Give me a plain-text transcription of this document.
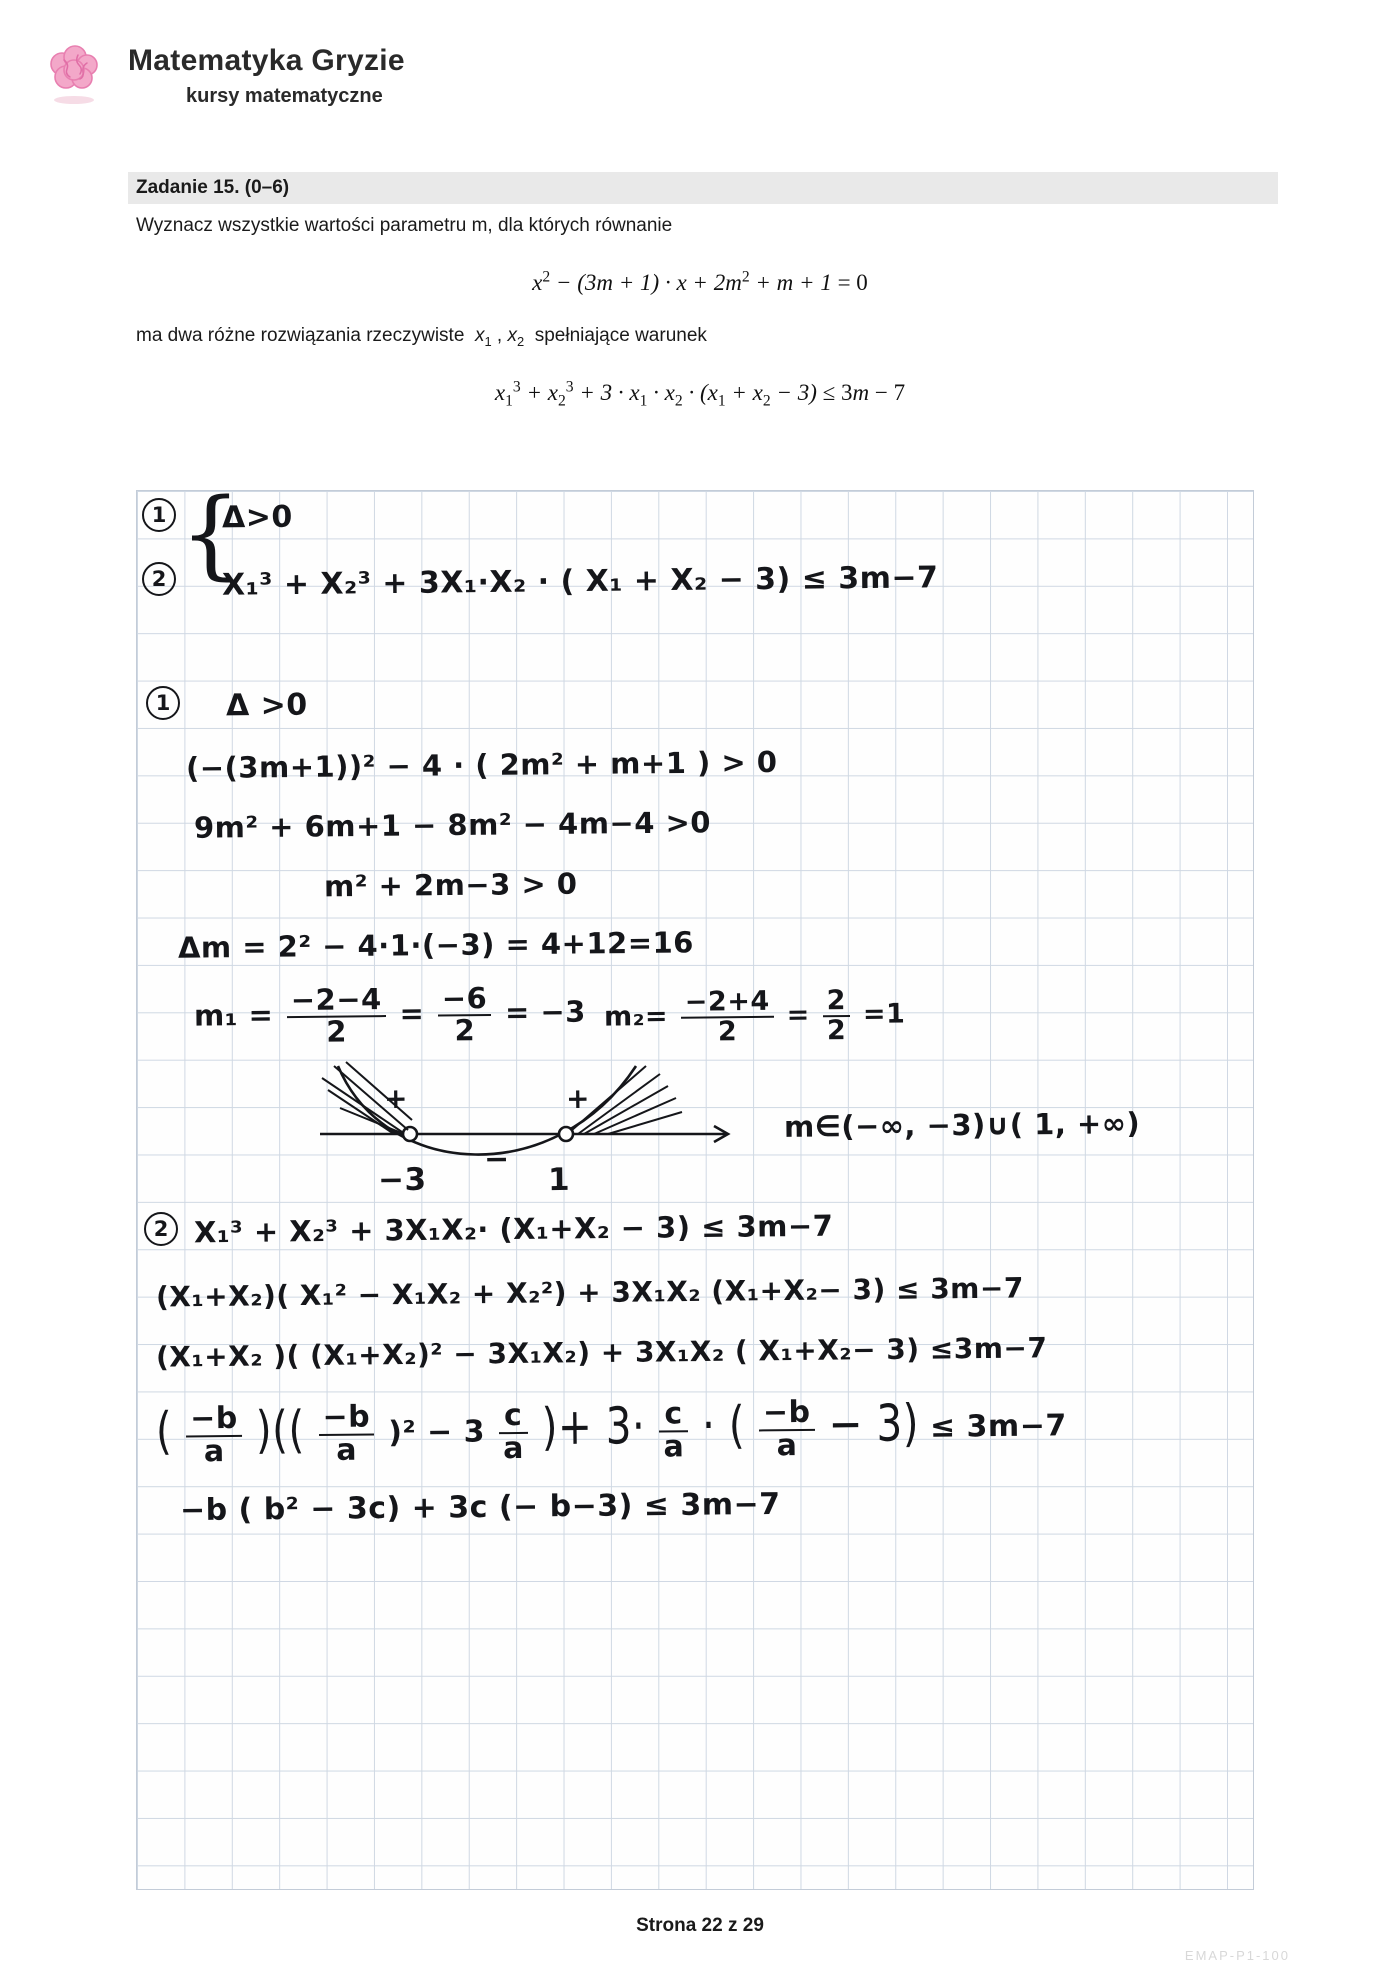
Matematyka Gryzie
kursy matematyczne
Zadanie 15. (0–6)
Wyznacz wszystkie wartości parametru m, dla których równanie
$x^2 - (3m + 1) \cdot x + 2m^2 + m + 1 = 0$
ma dwa różne rozwiązania rzeczywiste  $x_1$ , $x_2$  spełniające warunek
$x_1^3 + x_2^3 + 3 \cdot x_1 \cdot x_2 \cdot (x_1 + x_2 - 3) \le 3m - 7$
1
2 {
Δ>0
X₁³ + X₂³ + 3X₁·X₂ · ( X₁ + X₂ − 3) ≤ 3m−7
1	Δ >0
(−(3m+1))² − 4 · ( 2m² + m+1 ) > 0
9m² + 6m+1 − 8m² − 4m−4 >0
m² + 2m−3 > 0
Δm = 2² − 4·1·(−3) = 4+12=16
$m_1 = \frac{-2-4}{2} = \frac{-6}{2} = -3$ $m_2= \frac{-2+4}{2} = \frac{2}{2} =1$
+	+
−
−3	1
m∈(−∞, −3)∪( 1, +∞)
2 X₁³ + X₂³ + 3X₁X₂· (X₁+X₂ − 3) ≤ 3m−7
(X₁+X₂)( X₁² − X₁X₂ + X₂²) + 3X₁X₂ (X₁+X₂− 3) ≤ 3m−7
(X₁+X₂ )( (X₁+X₂)² − 3X₁X₂) + 3X₁X₂ ( X₁+X₂− 3) ≤3m−7
( $\frac{-b}{a}$ )(( $\frac{-b}{a} )^2 - 3 \frac{c}{a}$ )+ $3\cdot \frac{c}{a}$ · ( $\frac{-b}{a} - 3) \le 3m-7$
−b ( b² − 3c) + 3c (− b−3) ≤ 3m−7
Strona 22 z 29
EMAP-P1-100
